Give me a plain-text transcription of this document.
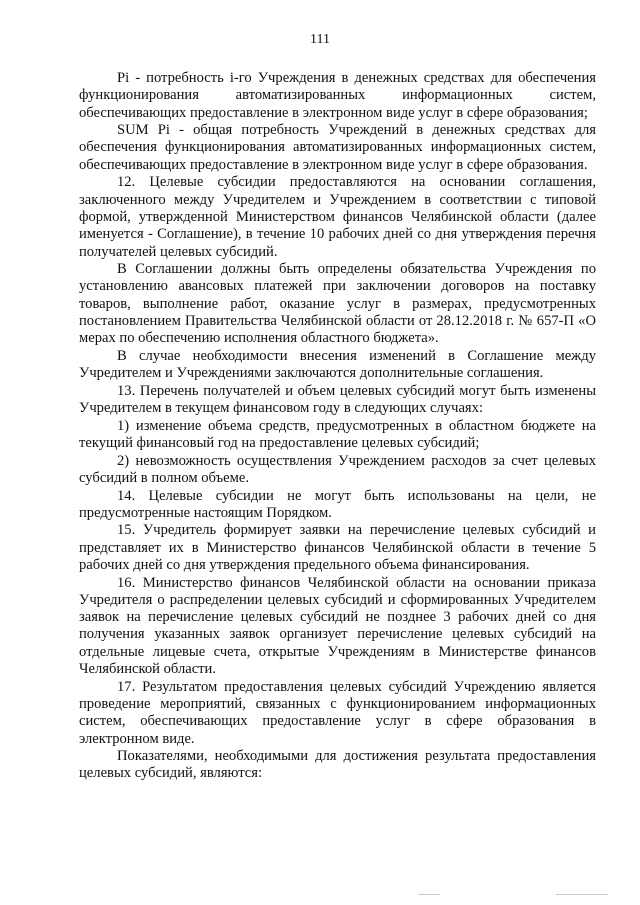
111

Pi - потребность i-го Учреждения в денежных средствах для обеспечения функционирования автоматизированных информационных систем, обеспечивающих предоставление в электронном виде услуг в сфере образования;

SUM Pi - общая потребность Учреждений в денежных средствах для обеспечения функционирования автоматизированных информационных систем, обеспечивающих предоставление в электронном виде услуг в сфере образования.

12. Целевые субсидии предоставляются на основании соглашения, заключенного между Учредителем и Учреждением в соответствии с типовой формой, утвержденной Министерством финансов Челябинской области (далее именуется - Соглашение), в течение 10 рабочих дней со дня утверждения перечня получателей целевых субсидий.

В Соглашении должны быть определены обязательства Учреждения по установлению авансовых платежей при заключении договоров на поставку товаров, выполнение работ, оказание услуг в размерах, предусмотренных постановлением Правительства Челябинской области от 28.12.2018 г. № 657-П «О мерах по обеспечению исполнения областного бюджета».

В случае необходимости внесения изменений в Соглашение между Учредителем и Учреждениями заключаются дополнительные соглашения.

13. Перечень получателей и объем целевых субсидий могут быть изменены Учредителем в текущем финансовом году в следующих случаях:

1) изменение объема средств, предусмотренных в областном бюджете на текущий финансовый год на предоставление целевых субсидий;

2) невозможность осуществления Учреждением расходов за счет целевых субсидий в полном объеме.

14. Целевые субсидии не могут быть использованы на цели, не предусмотренные настоящим Порядком.

15. Учредитель формирует заявки на перечисление целевых субсидий и представляет их в Министерство финансов Челябинской области в течение 5 рабочих дней со дня утверждения предельного объема финансирования.

16. Министерство финансов Челябинской области на основании приказа Учредителя о распределении целевых субсидий и сформированных Учредителем заявок на перечисление целевых субсидий не позднее 3 рабочих дней со дня получения указанных заявок организует перечисление целевых субсидий на отдельные лицевые счета, открытые Учреждениям в Министерстве финансов Челябинской области.

17. Результатом предоставления целевых субсидий Учреждению является проведение мероприятий, связанных с функционированием информационных систем, обеспечивающих предоставление услуг в сфере образования в электронном виде.

Показателями, необходимыми для достижения результата предоставления целевых субсидий, являются:
